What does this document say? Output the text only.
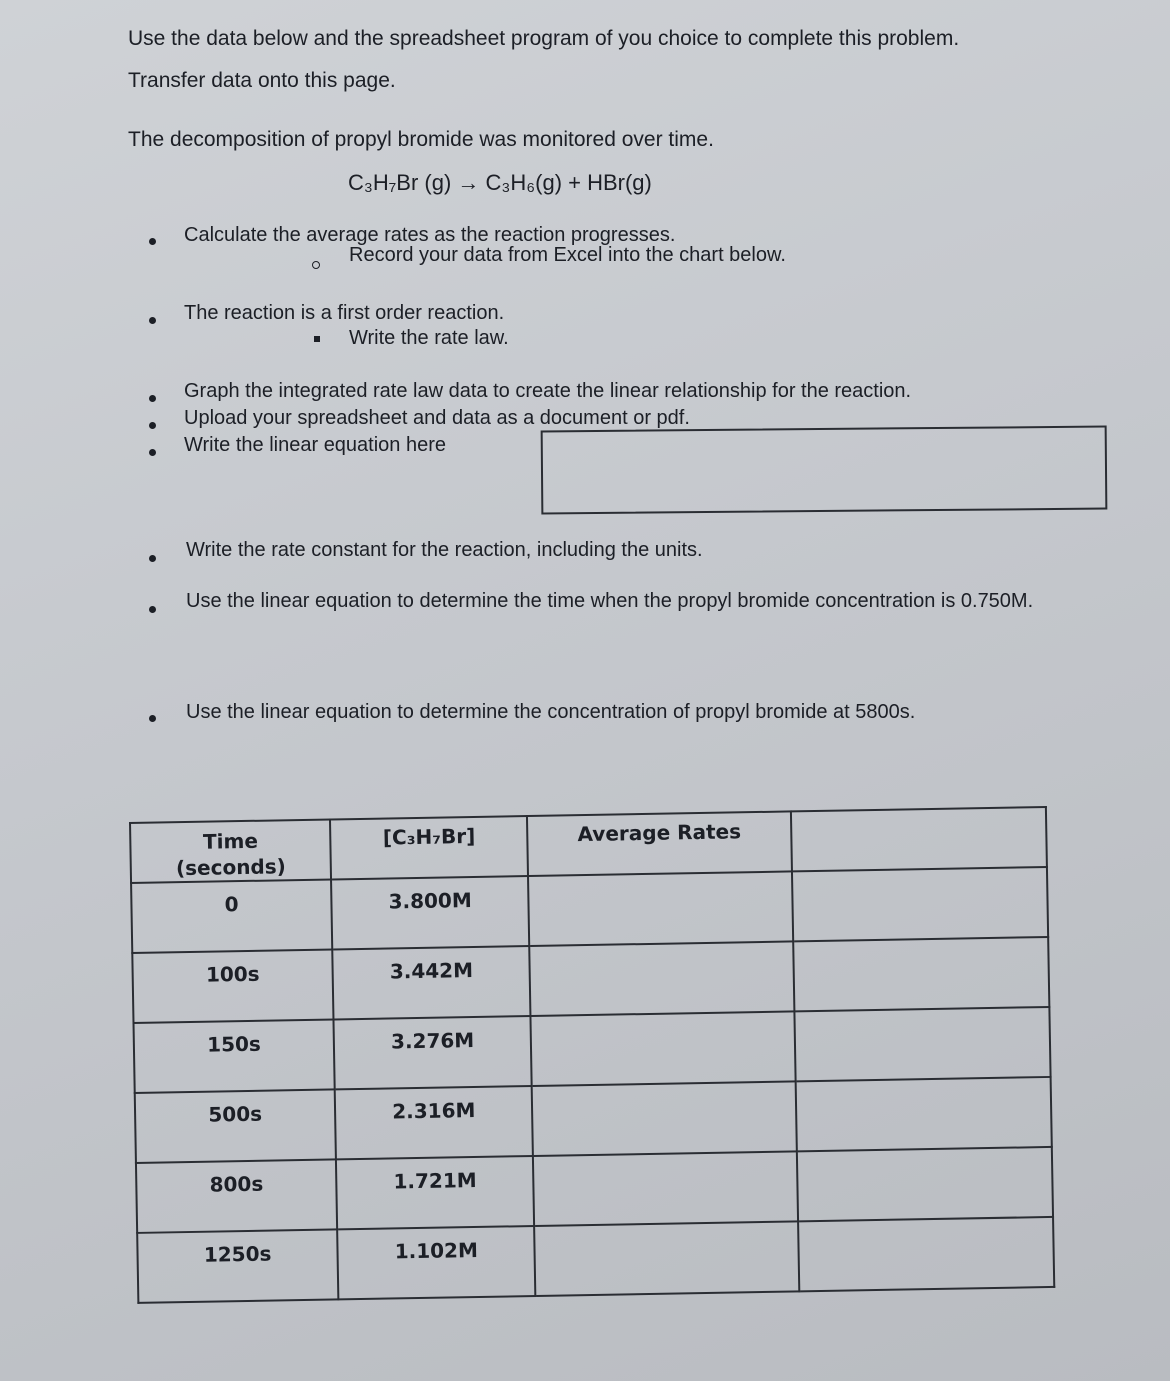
Use the data below and the spreadsheet program of you choice to complete this problem. Transfer data onto this page.

The decomposition of propyl bromide was monitored over time.

C₃H₇Br (g) → C₃H₆(g) + HBr(g)

Calculate the average rates as the reaction progresses.

Record your data from Excel into the chart below.

The reaction is a first order reaction.

Write the rate law.

Graph the integrated rate law data to create the linear relationship for the reaction.

Upload your spreadsheet and data as a document or pdf.

Write the linear equation here

Write the rate constant for the reaction, including the units.

Use the linear equation to determine the time when the propyl bromide concentration is 0.750M.

Use the linear equation to determine the concentration of propyl bromide at 5800s.

Time
(seconds)	[C₃H₇Br]	Average Rates	
0	3.800M		
100s	3.442M		
150s	3.276M		
500s	2.316M		
800s	1.721M		
1250s	1.102M		
